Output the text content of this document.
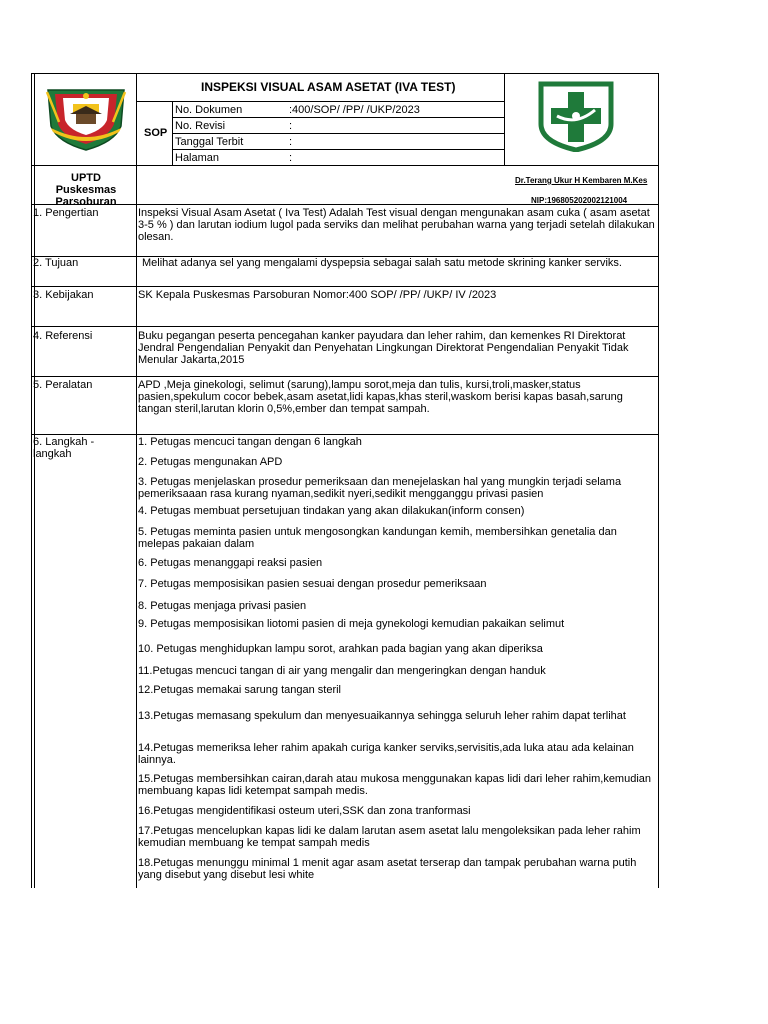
INSPEKSI VISUAL ASAM ASETAT (IVA TEST)
SOP
No. Dokumen	:400/SOP/ /PP/ /UKP/2023
No. Revisi	:
Tanggal Terbit	:
Halaman	:
UPTD Puskesmas Parsoburan
Dr.Terang Ukur H Kembaren M.Kes
NIP:196805202002121004
1. Pengertian	Inspeksi Visual Asam Asetat ( Iva Test) Adalah Test visual dengan mengunakan asam cuka ( asam asetat 3-5 % ) dan larutan iodium lugol pada serviks dan melihat perubahan warna yang terjadi setelah dilakukan olesan.
2. Tujuan	Melihat adanya sel yang mengalami dyspepsia sebagai salah satu metode skrining kanker serviks.
3. Kebijakan	SK Kepala Puskesmas Parsoburan Nomor:400 SOP/ /PP/ /UKP/ IV /2023
4. Referensi	Buku pegangan peserta pencegahan kanker payudara dan leher rahim, dan kemenkes RI Direktorat Jendral Pengendalian Penyakit dan Penyehatan Lingkungan Direktorat Pengendalian Penyakit Tidak Menular Jakarta,2015
5. Peralatan	APD ,Meja ginekologi, selimut (sarung),lampu sorot,meja dan tulis, kursi,troli,masker,status pasien,spekulum cocor bebek,asam asetat,lidi kapas,khas steril,waskom berisi kapas basah,sarung tangan steril,larutan klorin 0,5%,ember dan tempat sampah.
6. Langkah - langkah
1. Petugas mencuci tangan dengan 6 langkah
2. Petugas mengunakan APD
3. Petugas menjelaskan prosedur pemeriksaan dan menejelaskan hal yang mungkin terjadi selama pemeriksaaan rasa kurang nyaman,sedikit nyeri,sedikit mengganggu privasi pasien
4. Petugas membuat persetujuan tindakan yang akan dilakukan(inform consen)
5. Petugas meminta pasien untuk mengosongkan kandungan kemih, membersihkan genetalia dan melepas pakaian dalam
6. Petugas menanggapi reaksi pasien
7. Petugas memposisikan pasien sesuai dengan prosedur pemeriksaan
8. Petugas menjaga privasi pasien
9. Petugas memposisikan liotomi pasien di meja gynekologi kemudian pakaikan selimut
10. Petugas menghidupkan lampu sorot, arahkan pada bagian yang akan diperiksa
11.Petugas mencuci tangan di air yang mengalir dan mengeringkan dengan handuk
12.Petugas memakai sarung tangan steril
13.Petugas memasang spekulum dan menyesuaikannya sehingga seluruh leher rahim dapat terlihat
14.Petugas memeriksa leher rahim apakah curiga kanker serviks,servisitis,ada luka atau ada kelainan lainnya.
15.Petugas membersihkan cairan,darah atau mukosa menggunakan kapas lidi dari leher rahim,kemudian membuang kapas lidi ketempat sampah medis.
16.Petugas mengidentifikasi osteum uteri,SSK dan zona tranformasi
17.Petugas mencelupkan kapas lidi ke dalam larutan asem asetat lalu mengoleksikan pada leher rahim kemudian membuang ke tempat sampah medis
18.Petugas menunggu minimal 1 menit agar asam asetat terserap dan tampak perubahan warna putih yang disebut yang disebut lesi white
